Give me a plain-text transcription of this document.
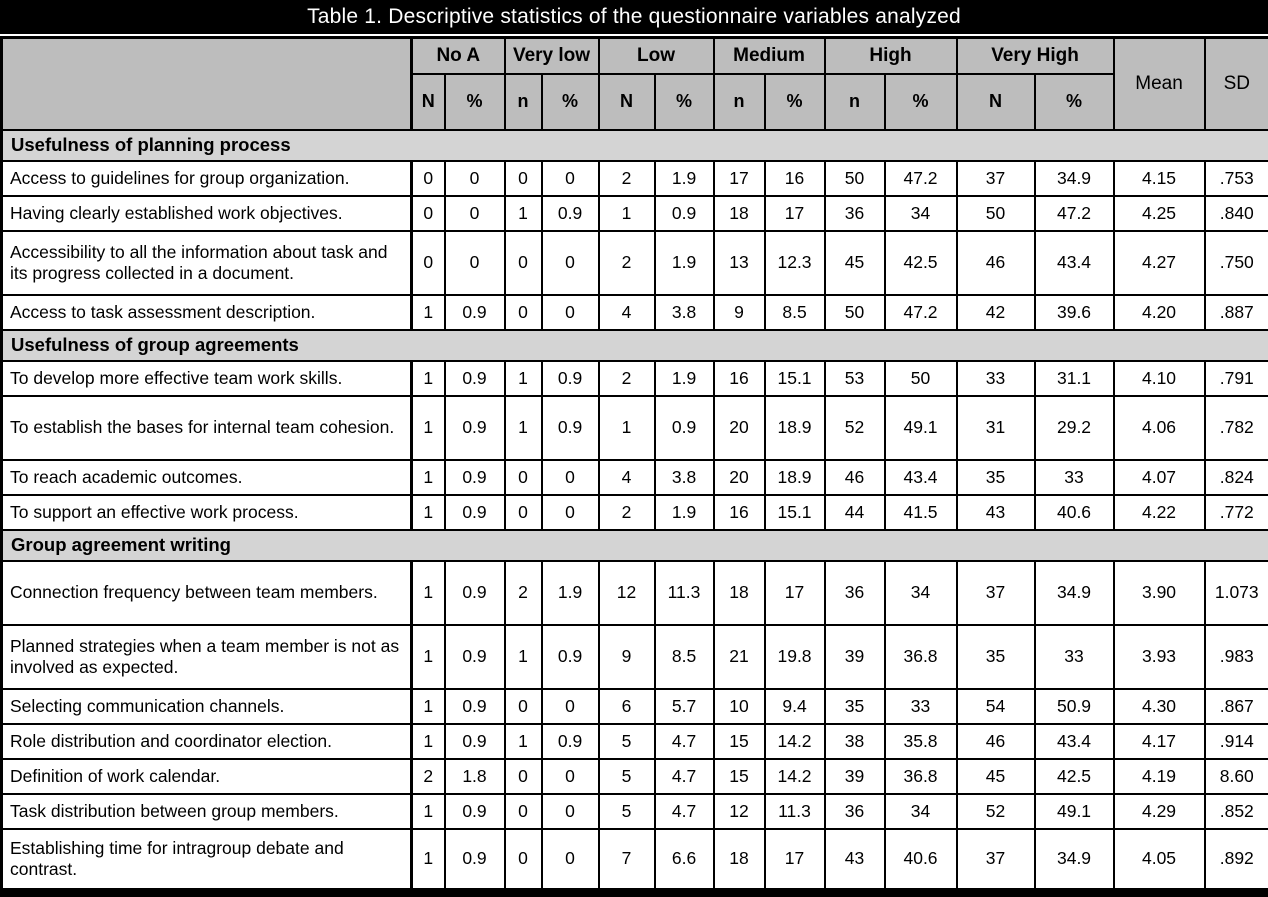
Table 1. Descriptive statistics of the questionnaire variables analyzed
	No A		Very low		Low		Medium		High		Very High		Mean	SD
	N	%	n	%	N	%	n	%	n	%	N	%		
Usefulness of planning process														
Access to guidelines for group organization.	0	0	0	0	2	1.9	17	16	50	47.2	37	34.9	4.15	.753
Having clearly established work objectives.	0	0	1	0.9	1	0.9	18	17	36	34	50	47.2	4.25	.840
Accessibility to all the information about task and its progress collected in a document.	0	0	0	0	2	1.9	13	12.3	45	42.5	46	43.4	4.27	.750
Access to task assessment description.	1	0.9	0	0	4	3.8	9	8.5	50	47.2	42	39.6	4.20	.887
Usefulness of group agreements														
To develop more effective team work skills.	1	0.9	1	0.9	2	1.9	16	15.1	53	50	33	31.1	4.10	.791
To establish the bases for internal team cohesion.	1	0.9	1	0.9	1	0.9	20	18.9	52	49.1	31	29.2	4.06	.782
To reach academic outcomes.	1	0.9	0	0	4	3.8	20	18.9	46	43.4	35	33	4.07	.824
To support an effective work process.	1	0.9	0	0	2	1.9	16	15.1	44	41.5	43	40.6	4.22	.772
Group agreement writing														
Connection frequency between team members.	1	0.9	2	1.9	12	11.3	18	17	36	34	37	34.9	3.90	1.073
Planned strategies when a team member is not as involved as expected.	1	0.9	1	0.9	9	8.5	21	19.8	39	36.8	35	33	3.93	.983
Selecting communication channels.	1	0.9	0	0	6	5.7	10	9.4	35	33	54	50.9	4.30	.867
Role distribution and coordinator election.	1	0.9	1	0.9	5	4.7	15	14.2	38	35.8	46	43.4	4.17	.914
Definition of work calendar.	2	1.8	0	0	5	4.7	15	14.2	39	36.8	45	42.5	4.19	8.60
Task distribution between group members.	1	0.9	0	0	5	4.7	12	11.3	36	34	52	49.1	4.29	.852
Establishing time for intragroup debate and contrast.	1	0.9	0	0	7	6.6	18	17	43	40.6	37	34.9	4.05	.892
